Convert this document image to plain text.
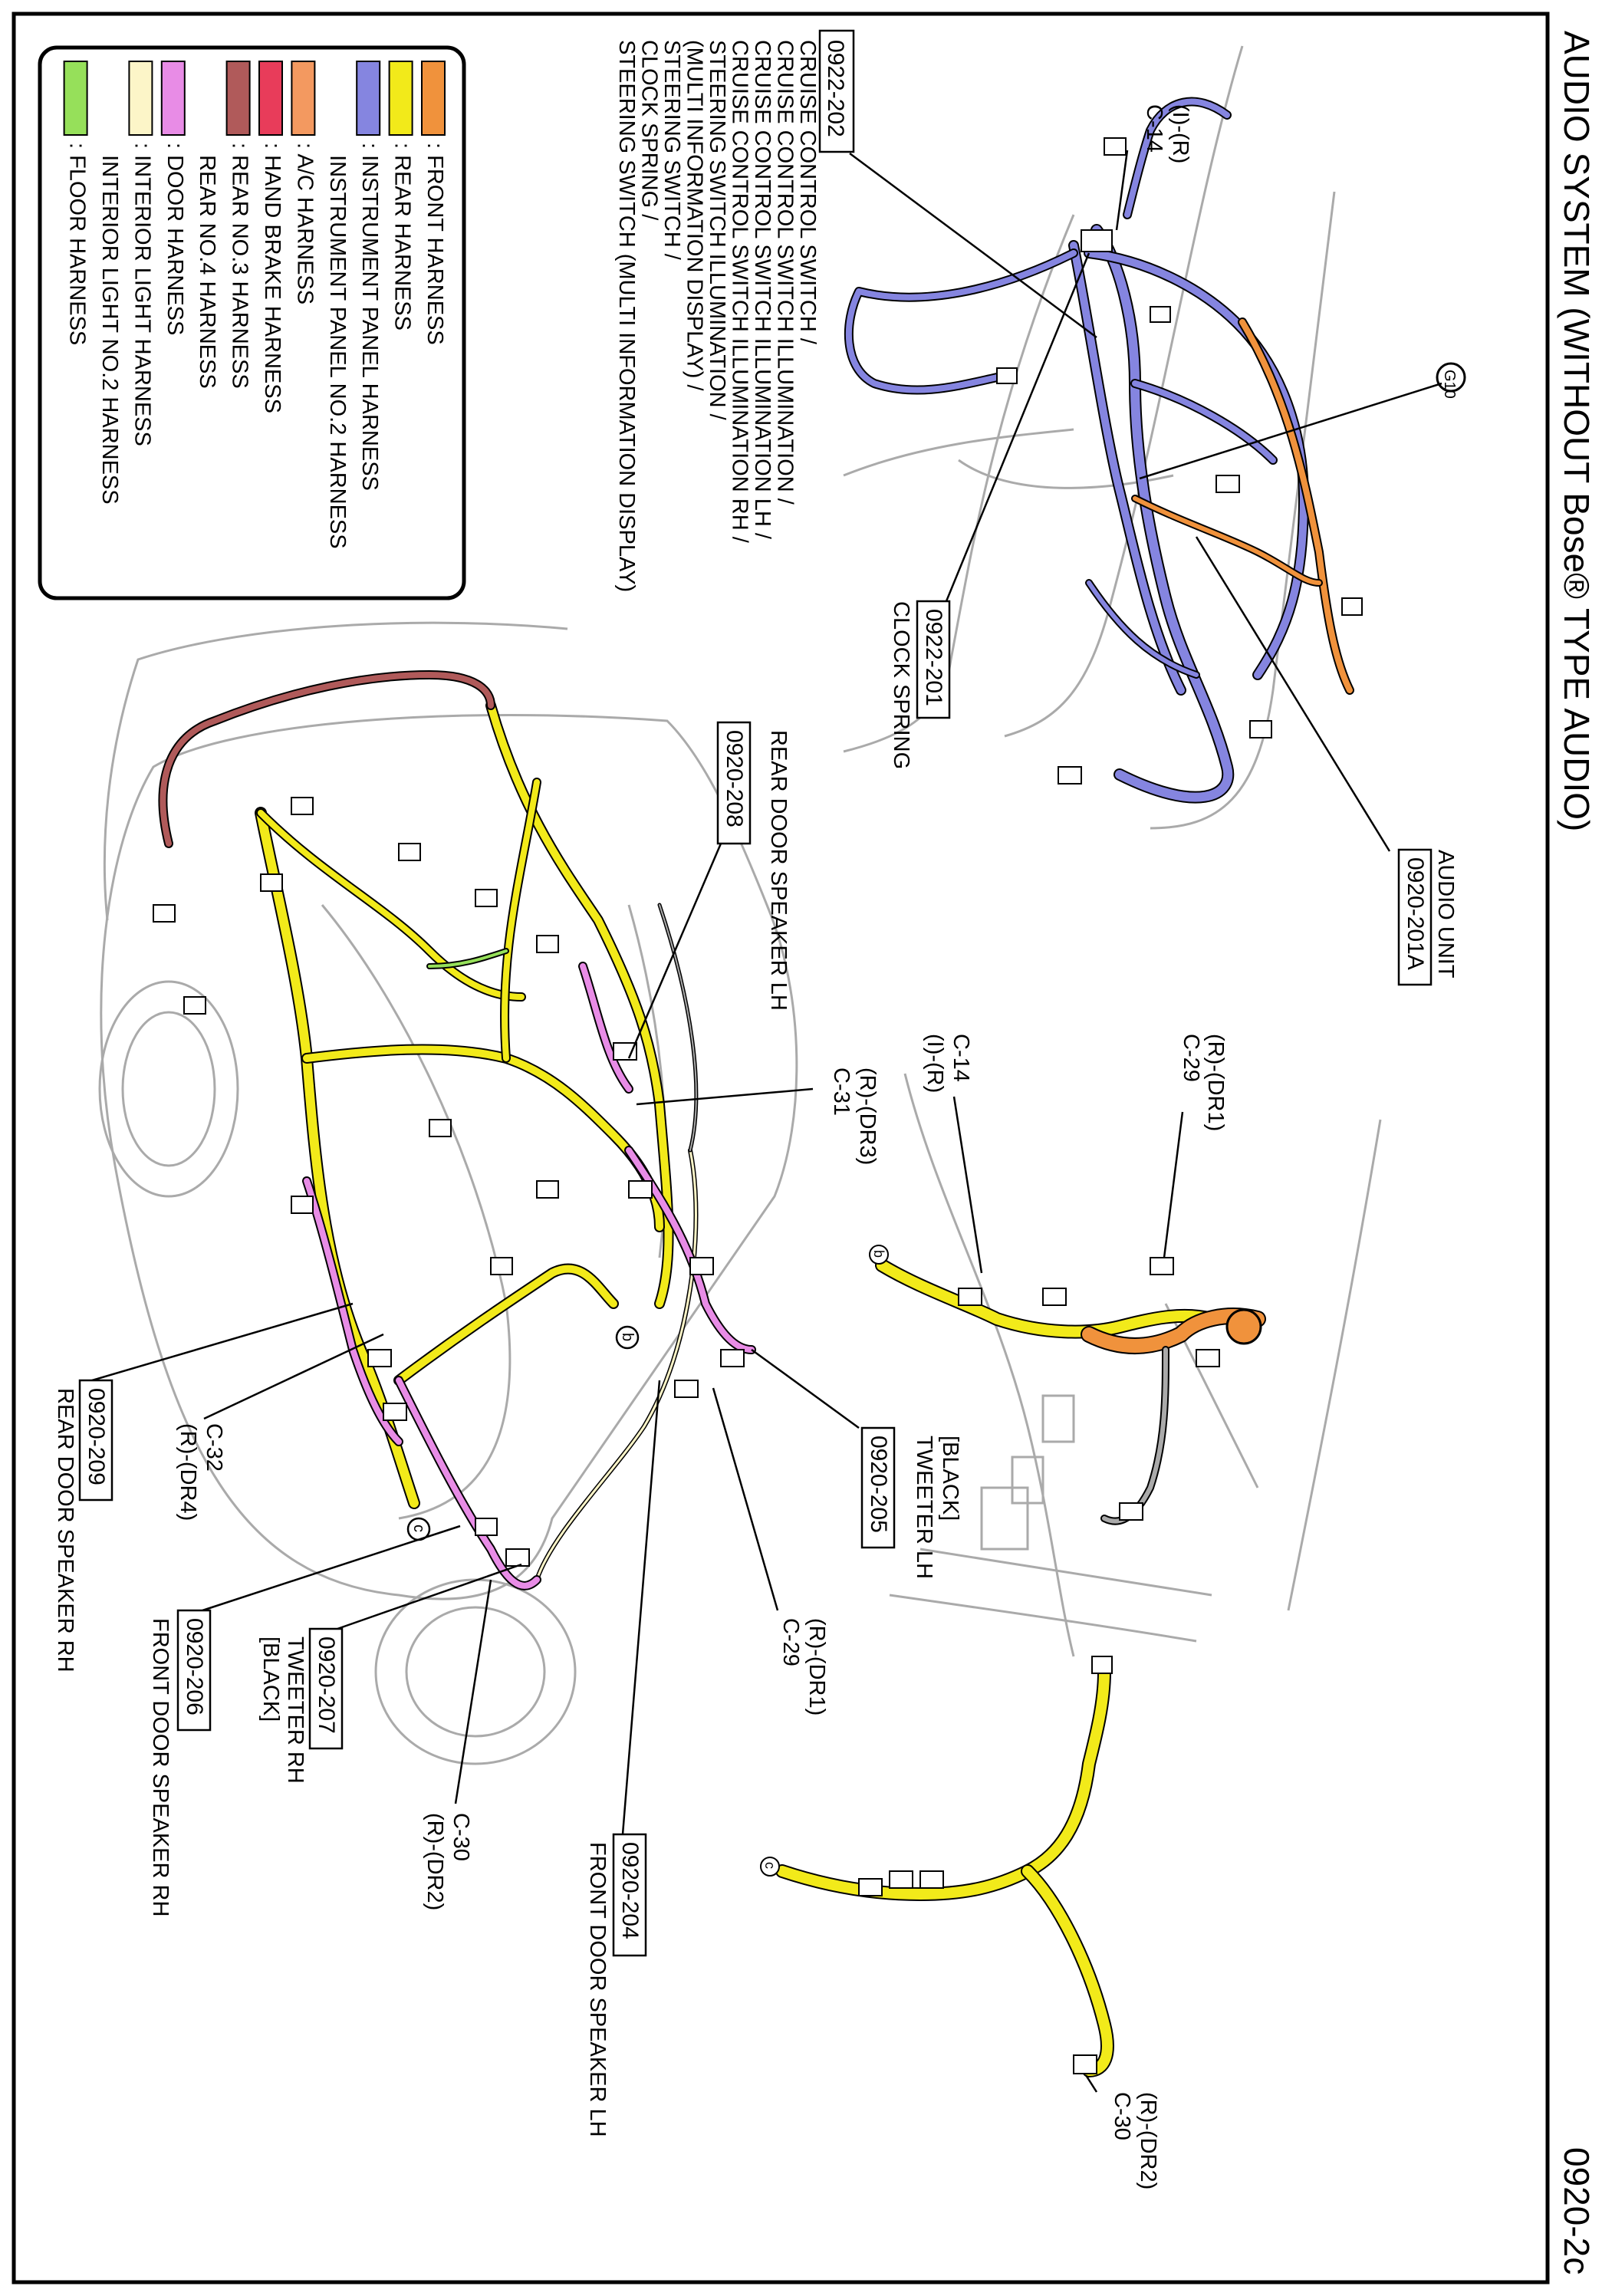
AUDIO SYSTEM (WITHOUT Bose® TYPE AUDIO)
0920-2c
: FRONT HARNESS
: REAR HARNESS
: INSTRUMENT PANEL HARNESS
INSTRUMENT PANEL NO.2 HARNESS
: A/C HARNESS
: HAND BRAKE HARNESS
: REAR NO.3 HARNESS
REAR NO.4 HARNESS
: DOOR HARNESS
: INTERIOR LIGHT HARNESS
INTERIOR LIGHT NO.2 HARNESS
: FLOOR HARNESS
0922-202
CRUISE CONTROL SWITCH /
CRUISE CONTROL SWITCH ILLUMINATION /
CRUISE CONTROL SWITCH ILLUMINATION LH /
CRUISE CONTROL SWITCH ILLUMINATION RH /
STEERING SWITCH ILLUMINATION /
(MULTI INFORMATION DISPLAY) /
STEERING SWITCH /
CLOCK SPRING /
STEERING SWITCH (MULTI INFORMATION DISPLAY)	G10
(I)-(R)
C-14
0922-201
CLOCK SPRING
0920-201A AUDIO UNIT
b
c
0920-208 REAR DOOR SPEAKER LH
(R)-(DR3)
C-31
C-14
(I)-(R)	(R)-(DR1)
C-29
0920-205 TWEETER LH [BLACK]
(R)-(DR1)
C-29
0920-209
REAR DOOR SPEAKER RH	C-32
(R)-(DR4)
0920-206
FRONT DOOR SPEAKER RH	0920-207
TWEETER RH
[BLACK]
C-30
(R)-(DR2)	0920-204
FRONT DOOR SPEAKER LH
b
c
(R)-(DR2)
C-30
